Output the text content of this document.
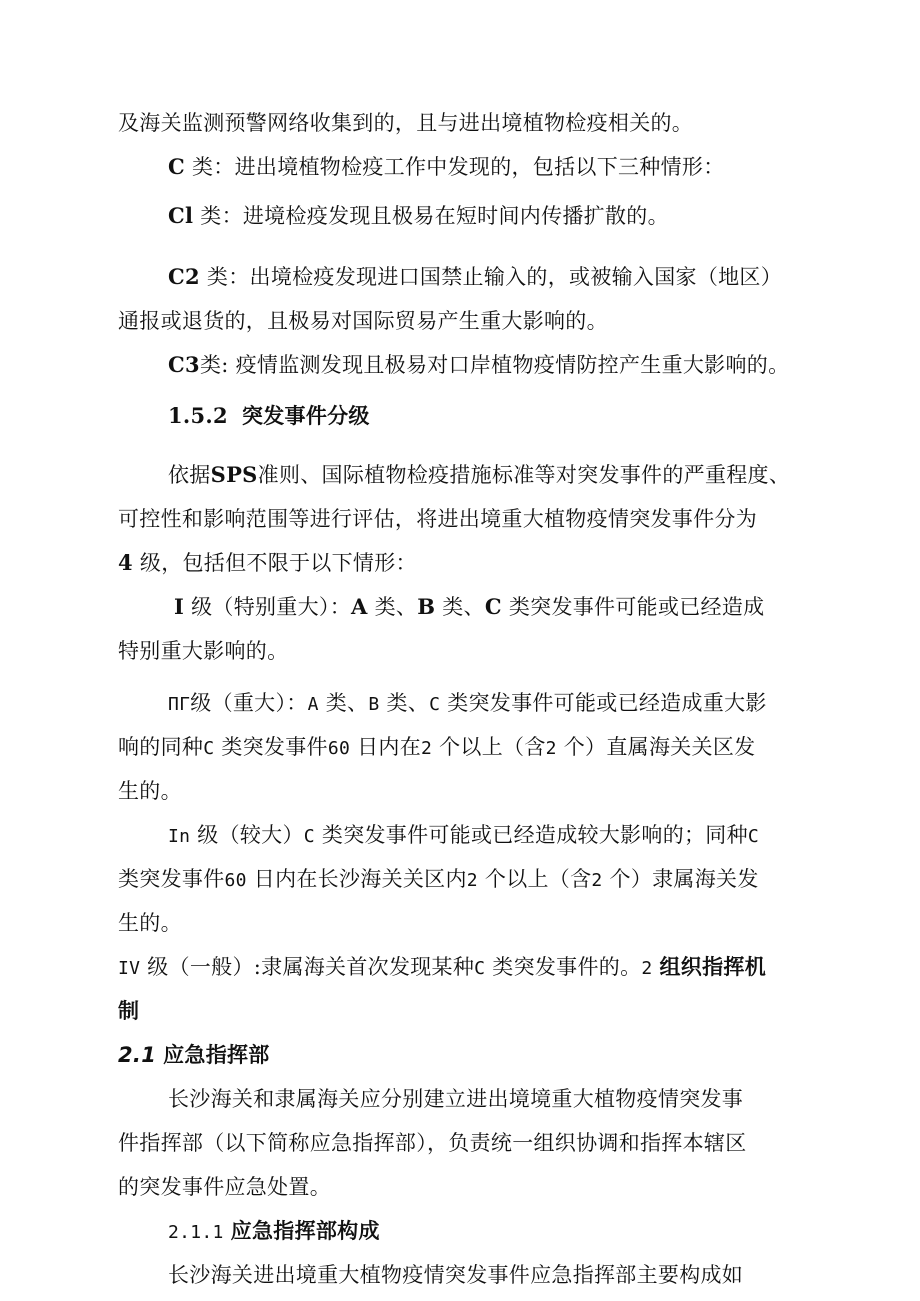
及海关监测预警网络收集到的，且与进出境植物检疫相关的。
C 类：进出境植物检疫工作中发现的，包括以下三种情形：
Cl 类：进境检疫发现且极易在短时间内传播扩散的。
C2 类：出境检疫发现进口国禁止输入的，或被输入国家（地区）
通报或退货的，且极易对国际贸易产生重大影响的。
C3类: 疫情监测发现且极易对口岸植物疫情防控产生重大影响的。
1.5.2 突发事件分级
依据SPS准则、国际植物检疫措施标准等对突发事件的严重程度、
可控性和影响范围等进行评估，将进出境重大植物疫情突发事件分为
4 级，包括但不限于以下情形：
I 级（特别重大）：A 类、B 类、C 类突发事件可能或已经造成
特别重大影响的。
ΠΓ级（重大）：A 类、B 类、C 类突发事件可能或已经造成重大影
响的同种C 类突发事件60 日内在2 个以上（含2 个）直属海关关区发
生的。
In 级（较大）C 类突发事件可能或已经造成较大影响的；同种C
类突发事件60 日内在长沙海关关区内2 个以上（含2 个）隶属海关发
生的。
IV 级（一般）:隶属海关首次发现某种C 类突发事件的。2 组织指挥机
制
2.1 应急指挥部
长沙海关和隶属海关应分别建立进出境境重大植物疫情突发事
件指挥部（以下简称应急指挥部），负责统一组织协调和指挥本辖区
的突发事件应急处置。
2.1.1 应急指挥部构成
长沙海关进出境重大植物疫情突发事件应急指挥部主要构成如
